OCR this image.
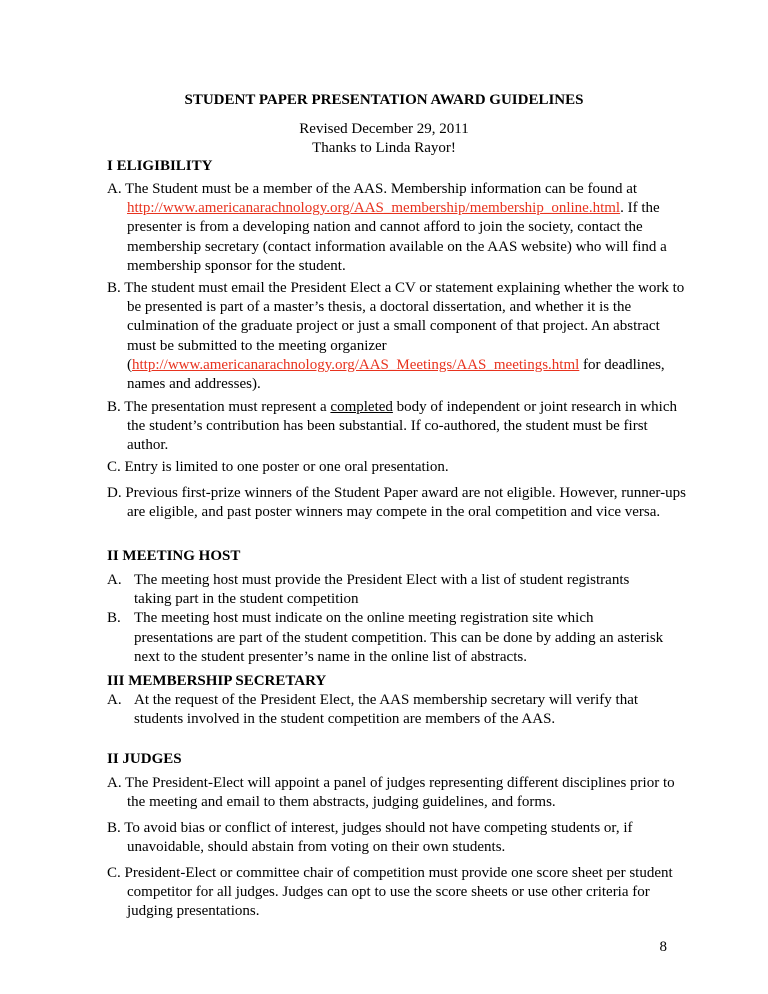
STUDENT PAPER PRESENTATION AWARD GUIDELINES
Revised December 29, 2011
Thanks to Linda Rayor!
I ELIGIBILITY
A. The Student must be a member of the AAS. Membership information can be found at http://www.americanarachnology.org/AAS_membership/membership_online.html. If the presenter is from a developing nation and cannot afford to join the society, contact the membership secretary (contact information available on the AAS website) who will find a membership sponsor for the student.
B. The student must email the President Elect a CV or statement explaining whether the work to be presented is part of a master’s thesis, a doctoral dissertation, and whether it is the culmination of the graduate project or just a small component of that project. An abstract must be submitted to the meeting organizer (http://www.americanarachnology.org/AAS_Meetings/AAS_meetings.html for deadlines, names and addresses).
B. The presentation must represent a completed body of independent or joint research in which the student’s contribution has been substantial. If co-authored, the student must be first author.
C. Entry is limited to one poster or one oral presentation.
D. Previous first-prize winners of the Student Paper award are not eligible. However, runner-ups are eligible, and past poster winners may compete in the oral competition and vice versa.
II MEETING HOST
A. The meeting host must provide the President Elect with a list of student registrants taking part in the student competition
B. The meeting host must indicate on the online meeting registration site which presentations are part of the student competition. This can be done by adding an asterisk next to the student presenter’s name in the online list of abstracts.
III MEMBERSHIP SECRETARY
A. At the request of the President Elect, the AAS membership secretary will verify that students involved in the student competition are members of the AAS.
II JUDGES
A. The President-Elect will appoint a panel of judges representing different disciplines prior to the meeting and email to them abstracts, judging guidelines, and forms.
B. To avoid bias or conflict of interest, judges should not have competing students or, if unavoidable, should abstain from voting on their own students.
C. President-Elect or committee chair of competition must provide one score sheet per student competitor for all judges. Judges can opt to use the score sheets or use other criteria for judging presentations.
8
